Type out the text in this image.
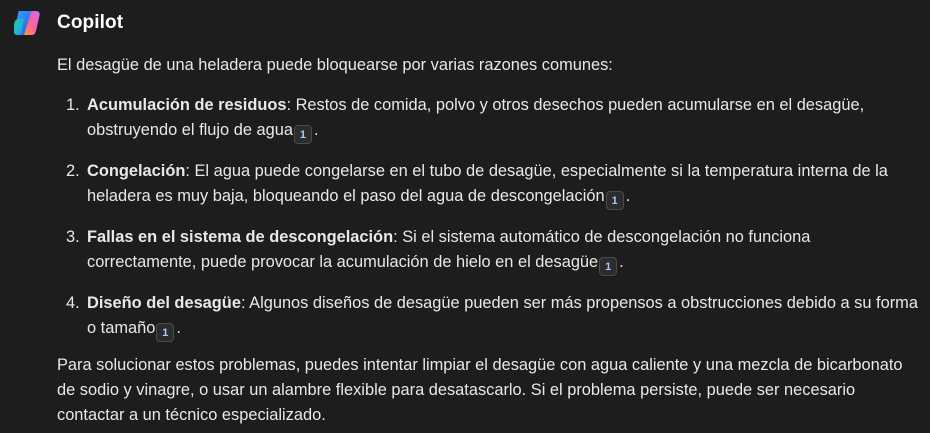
Copilot

El desagüe de una heladera puede bloquearse por varias razones comunes:

1. Acumulación de residuos: Restos de comida, polvo y otros desechos pueden acumularse en el desagüe, obstruyendo el flujo de agua 1 .
2. Congelación: El agua puede congelarse en el tubo de desagüe, especialmente si la temperatura interna de la heladera es muy baja, bloqueando el paso del agua de descongelación 1 .
3. Fallas en el sistema de descongelación: Si el sistema automático de descongelación no funciona correctamente, puede provocar la acumulación de hielo en el desagüe 1 .
4. Diseño del desagüe: Algunos diseños de desagüe pueden ser más propensos a obstrucciones debido a su forma o tamaño 1 .

Para solucionar estos problemas, puedes intentar limpiar el desagüe con agua caliente y una mezcla de bicarbonato de sodio y vinagre, o usar un alambre flexible para desatascarlo. Si el problema persiste, puede ser necesario contactar a un técnico especializado.
